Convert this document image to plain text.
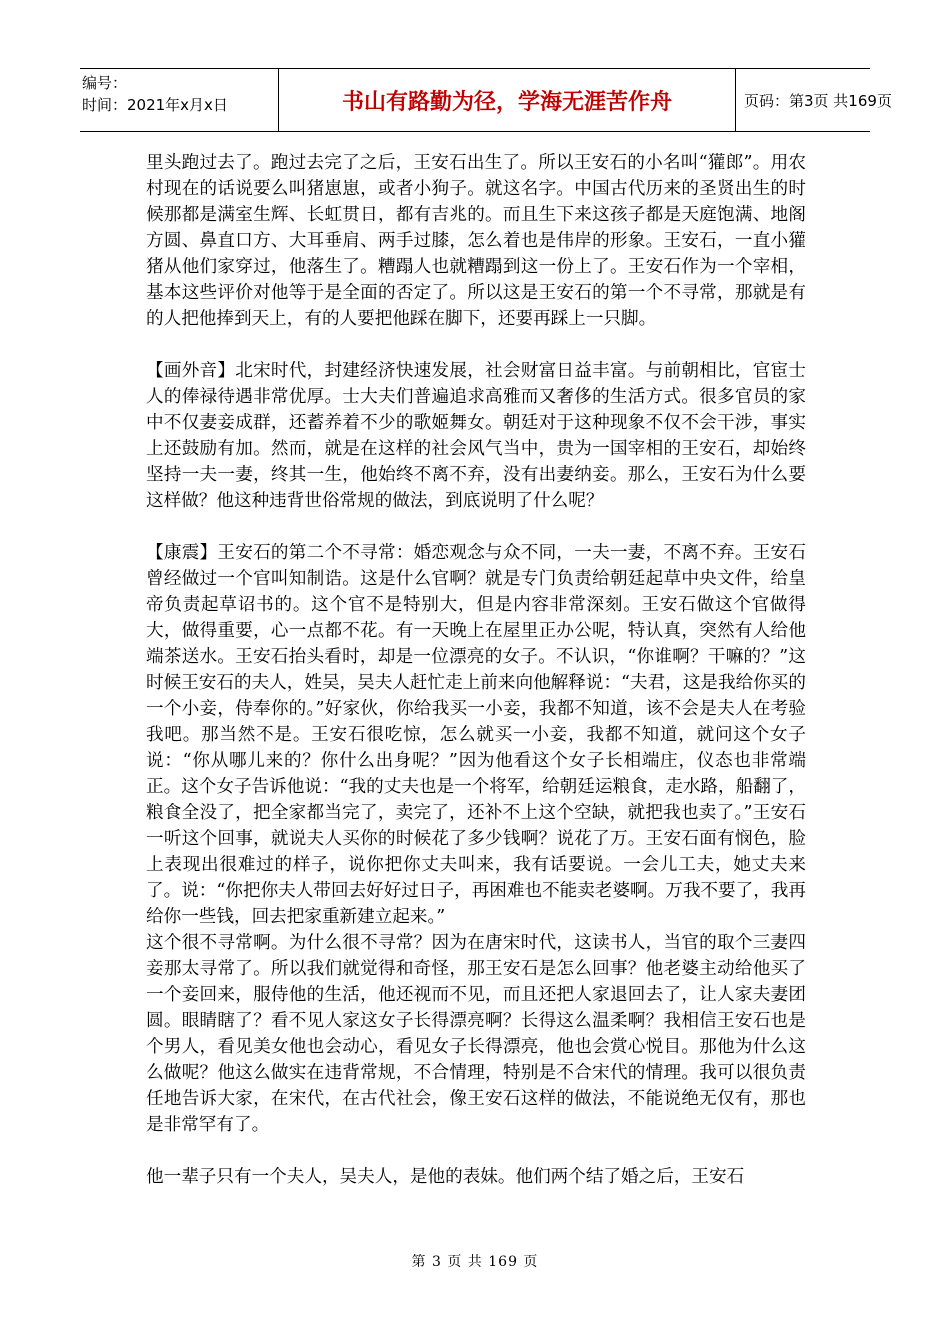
编号：
时间：2021年x月x日	书山有路勤为径，学海无涯苦作舟	页码：第3页 共169页

里头跑过去了。跑过去完了之后，王安石出生了。所以王安石的小名叫“獾郎”。用农村现在的话说要么叫猪崽崽，或者小狗子。就这名字。中国古代历来的圣贤出生的时候那都是满室生辉、长虹贯日，都有吉兆的。而且生下来这孩子都是天庭饱满、地阁方圆、鼻直口方、大耳垂肩、两手过膝，怎么着也是伟岸的形象。王安石，一直小獾猪从他们家穿过，他落生了。糟蹋人也就糟蹋到这一份上了。王安石作为一个宰相，基本这些评价对他等于是全面的否定了。所以这是王安石的第一个不寻常，那就是有的人把他捧到天上，有的人要把他踩在脚下，还要再踩上一只脚。

【画外音】北宋时代，封建经济快速发展，社会财富日益丰富。与前朝相比，官宦士人的俸禄待遇非常优厚。士大夫们普遍追求高雅而又奢侈的生活方式。很多官员的家中不仅妻妾成群，还蓄养着不少的歌姬舞女。朝廷对于这种现象不仅不会干涉，事实上还鼓励有加。然而，就是在这样的社会风气当中，贵为一国宰相的王安石，却始终坚持一夫一妻，终其一生，他始终不离不弃，没有出妻纳妾。那么，王安石为什么要这样做？他这种违背世俗常规的做法，到底说明了什么呢？

【康震】王安石的第二个不寻常：婚恋观念与众不同，一夫一妻，不离不弃。王安石曾经做过一个官叫知制诰。这是什么官啊？就是专门负责给朝廷起草中央文件，给皇帝负责起草诏书的。这个官不是特别大，但是内容非常深刻。王安石做这个官做得大，做得重要，心一点都不花。有一天晚上在屋里正办公呢，特认真，突然有人给他端茶送水。王安石抬头看时，却是一位漂亮的女子。不认识，“你谁啊？干嘛的？”这时候王安石的夫人，姓吴，吴夫人赶忙走上前来向他解释说：“夫君，这是我给你买的一个小妾，侍奉你的。”好家伙，你给我买一小妾，我都不知道，该不会是夫人在考验我吧。那当然不是。王安石很吃惊，怎么就买一小妾，我都不知道，就问这个女子说：“你从哪儿来的？你什么出身呢？”因为他看这个女子长相端庄，仪态也非常端正。这个女子告诉他说：“我的丈夫也是一个将军，给朝廷运粮食，走水路，船翻了，粮食全没了，把全家都当完了，卖完了，还补不上这个空缺，就把我也卖了。”王安石一听这个回事，就说夫人买你的时候花了多少钱啊？说花了万。王安石面有悯色，脸上表现出很难过的样子，说你把你丈夫叫来，我有话要说。一会儿工夫，她丈夫来了。说：“你把你夫人带回去好好过日子，再困难也不能卖老婆啊。万我不要了，我再给你一些钱，回去把家重新建立起来。”

这个很不寻常啊。为什么很不寻常？因为在唐宋时代，这读书人，当官的取个三妻四妾那太寻常了。所以我们就觉得和奇怪，那王安石是怎么回事？他老婆主动给他买了一个妾回来，服侍他的生活，他还视而不见，而且还把人家退回去了，让人家夫妻团圆。眼睛瞎了？看不见人家这女子长得漂亮啊？长得这么温柔啊？我相信王安石也是个男人，看见美女他也会动心，看见女子长得漂亮，他也会赏心悦目。那他为什么这么做呢？他这么做实在违背常规，不合情理，特别是不合宋代的情理。我可以很负责任地告诉大家，在宋代，在古代社会，像王安石这样的做法，不能说绝无仅有，那也是非常罕有了。

他一辈子只有一个夫人，吴夫人，是他的表妹。他们两个结了婚之后，王安石

第 3 页 共 169 页
